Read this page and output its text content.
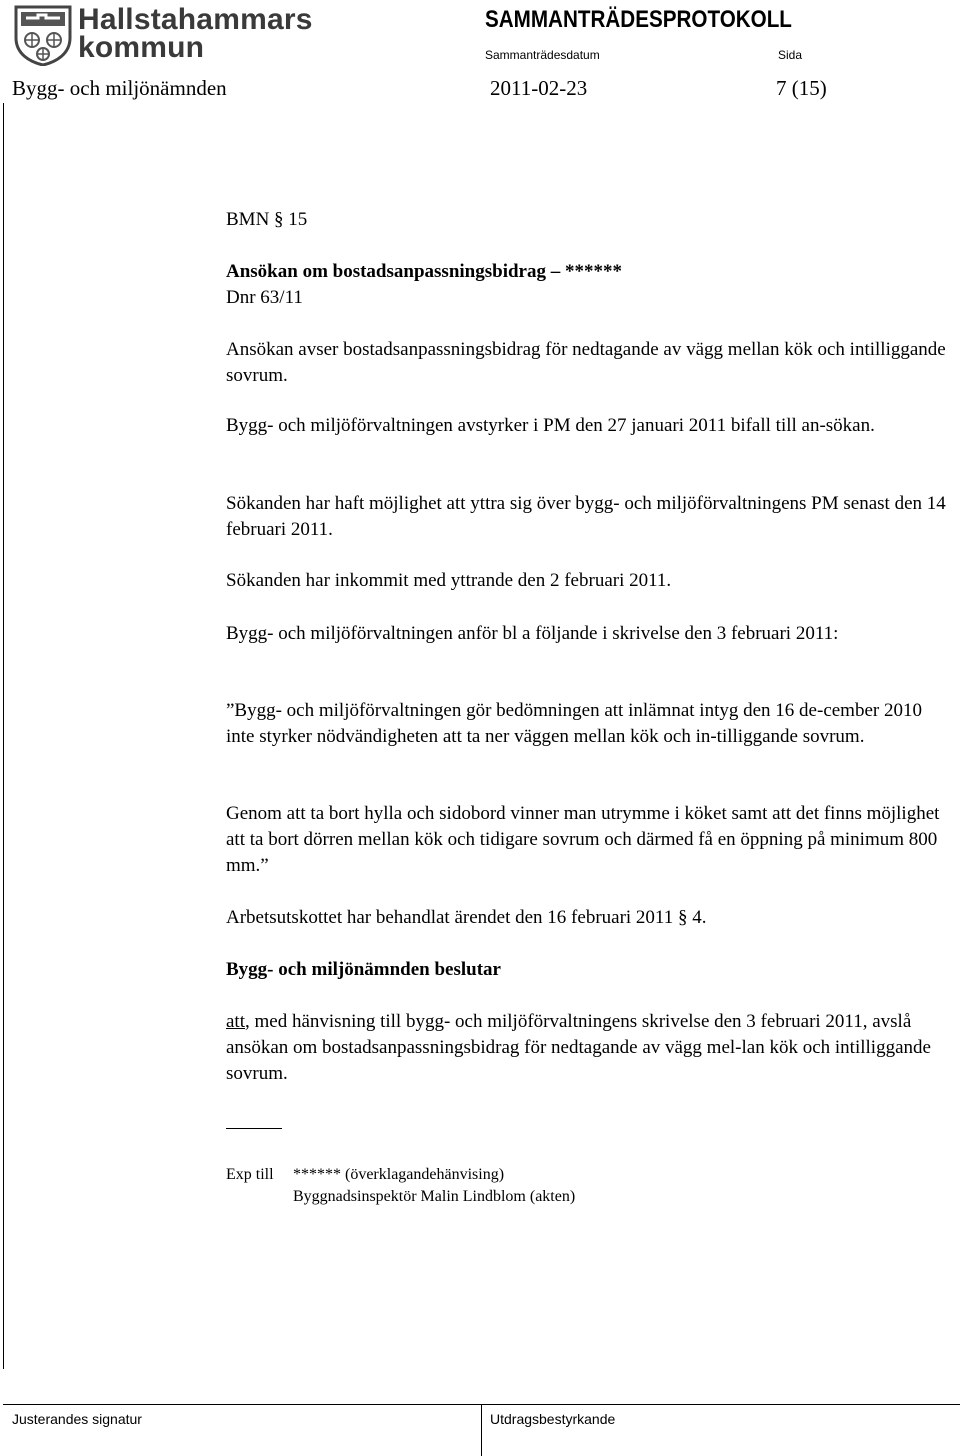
Hallstahammars
kommun
SAMMANTRÄDESPROTOKOLL
Sammanträdesdatum	Sida
Bygg- och miljönämnden	2011-02-23	7 (15)
BMN § 15
Ansökan om bostadsanpassningsbidrag – ******
Dnr 63/11

Ansökan avser bostadsanpassningsbidrag för nedtagande av vägg mellan kök och intilliggande sovrum.

Bygg- och miljöförvaltningen avstyrker i PM den 27 januari 2011 bifall till an-sökan.

Sökanden har haft möjlighet att yttra sig över bygg- och miljöförvaltningens PM senast den 14 februari 2011.

Sökanden har inkommit med yttrande den 2 februari 2011.

Bygg- och miljöförvaltningen anför bl a följande i skrivelse den 3 februari 2011:

”Bygg- och miljöförvaltningen gör bedömningen att inlämnat intyg den 16 de-cember 2010 inte styrker nödvändigheten att ta ner väggen mellan kök och in-tilliggande sovrum.

Genom att ta bort hylla och sidobord vinner man utrymme i köket samt att det finns möjlighet att ta bort dörren mellan kök och tidigare sovrum och därmed få en öppning på minimum 800 mm.”

Arbetsutskottet har behandlat ärendet den 16 februari 2011 § 4.

Bygg- och miljönämnden beslutar

att, med hänvisning till bygg- och miljöförvaltningens skrivelse den 3 februari 2011, avslå ansökan om bostadsanpassningsbidrag för nedtagande av vägg mel-lan kök och intilliggande sovrum.

Exp till ****** (överklagandehänvising)
Byggnadsinspektör Malin Lindblom (akten)
Justerandes signatur	Utdragsbestyrkande
